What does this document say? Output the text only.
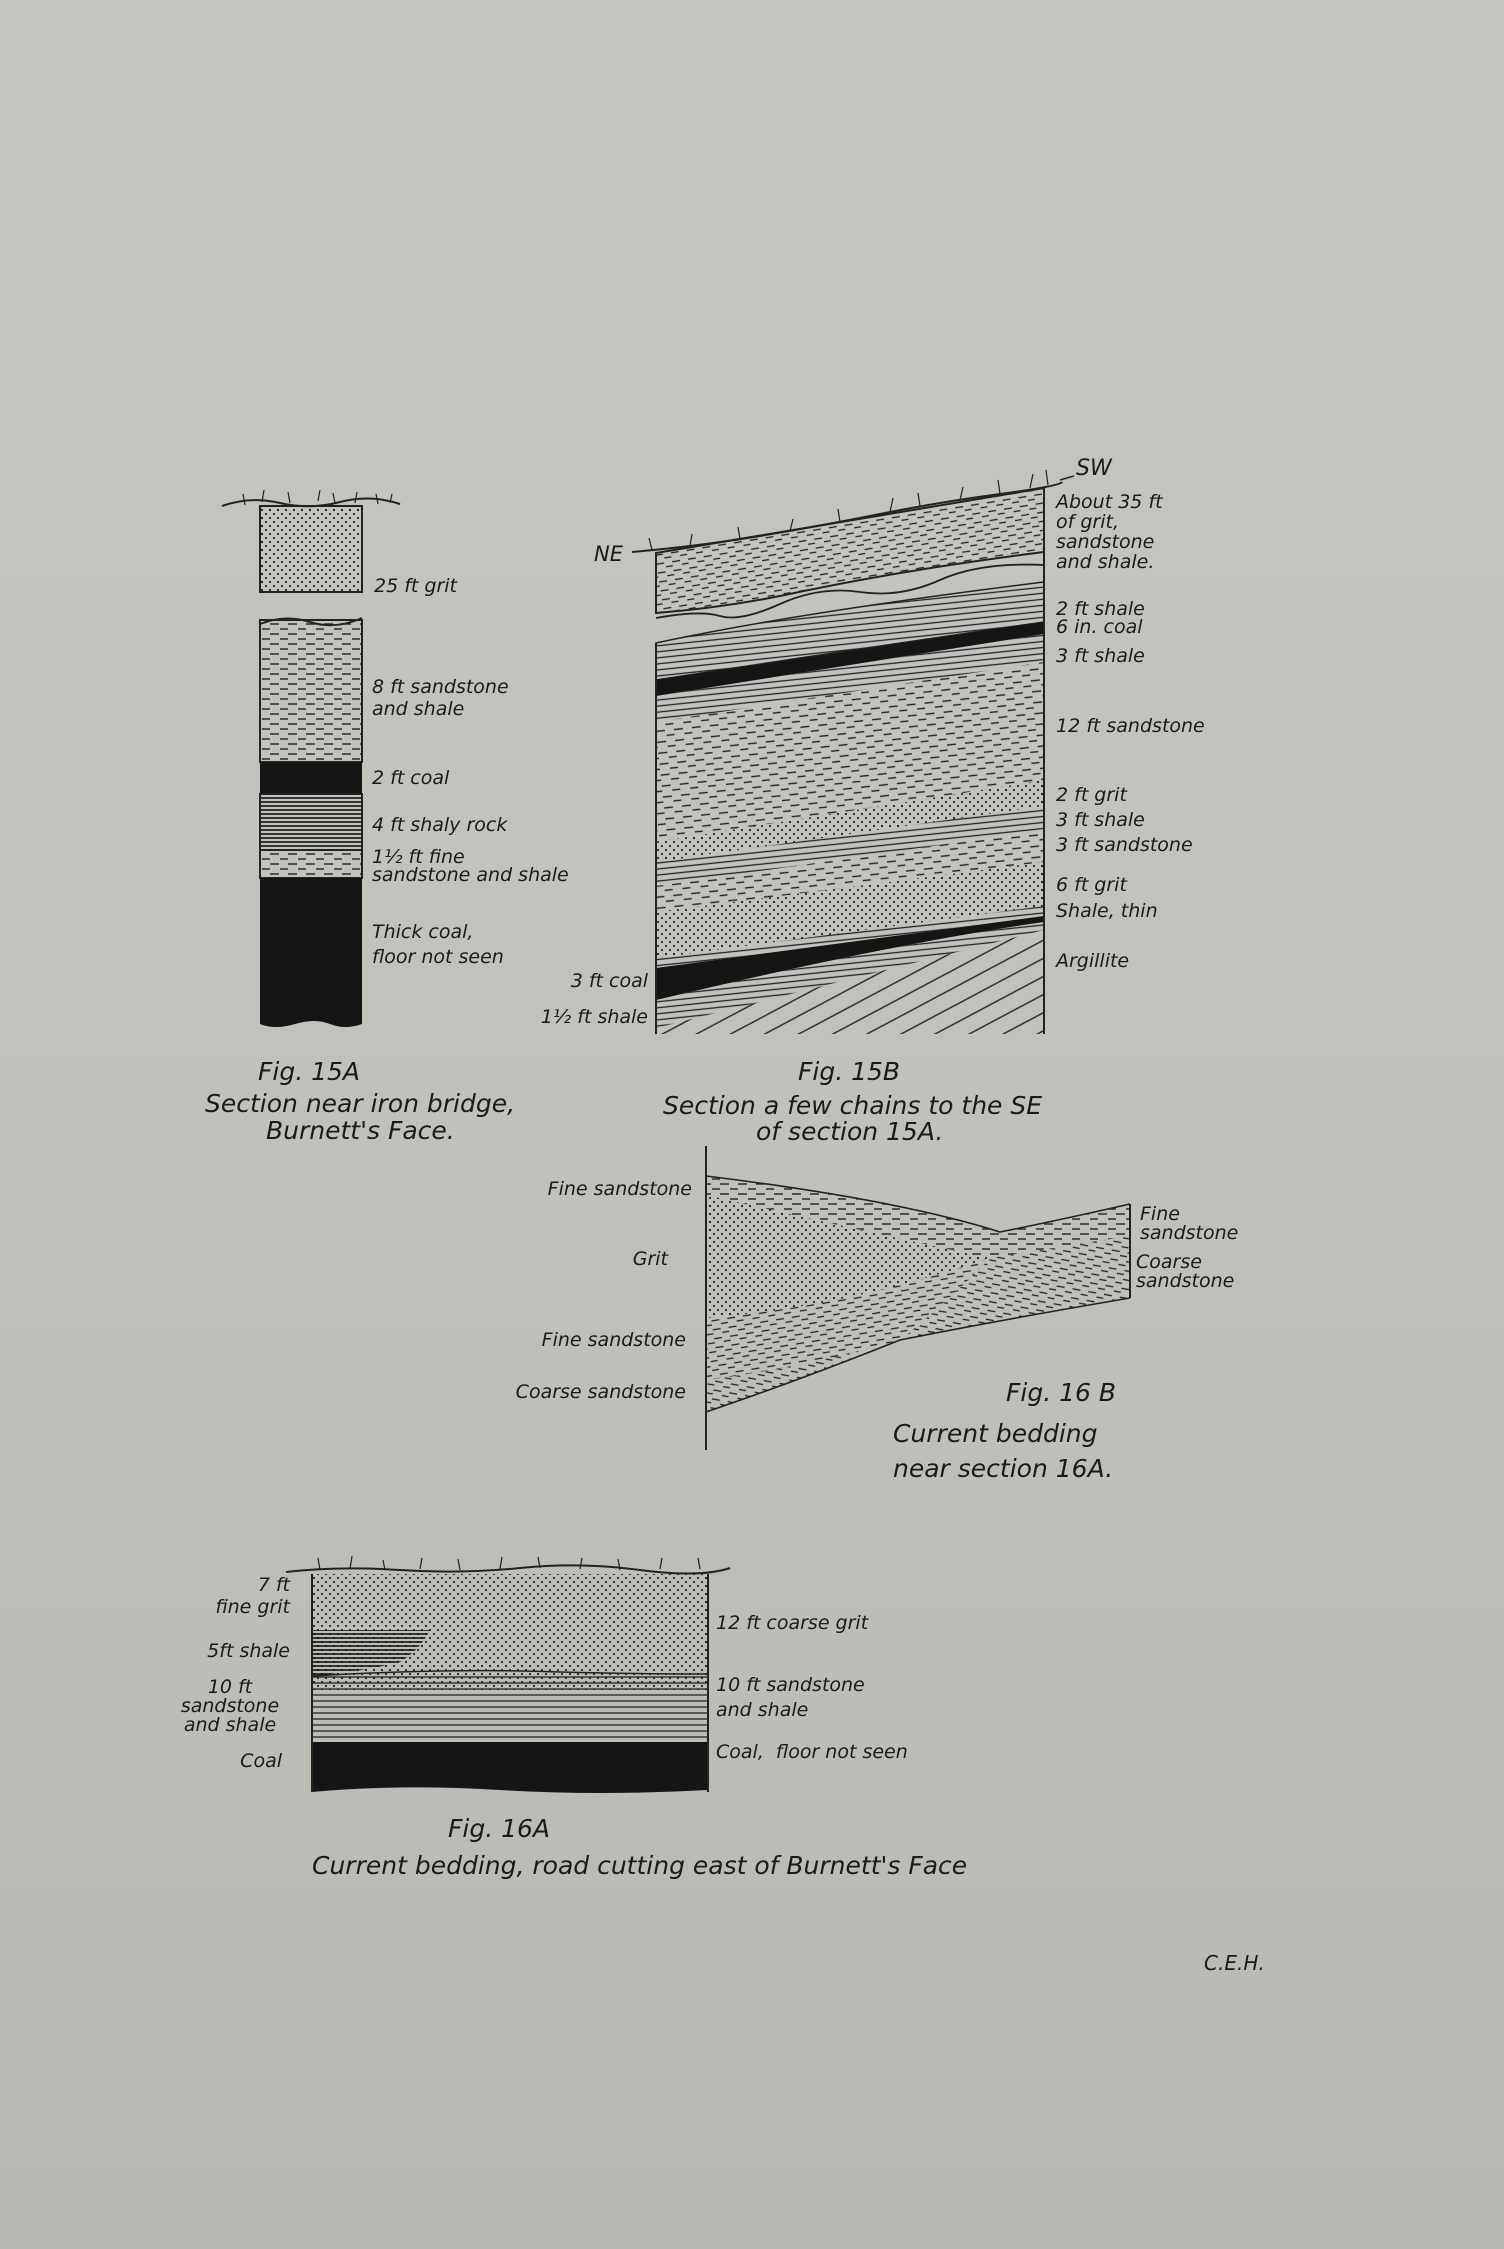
25 ft grit
8 ft sandstone
and shale
2 ft coal
4 ft shaly rock
1½ ft fine
sandstone and shale
Thick coal,
floor not seen
Fig. 15A
Section near iron bridge,
Burnett's Face.
NE
SW
About 35 ft
of grit,
sandstone
and shale.
2 ft shale
6 in. coal
3 ft shale
12 ft sandstone
2 ft grit
3 ft shale
3 ft sandstone
6 ft grit
Shale, thin
Argillite
3 ft coal
1½ ft shale
Fig. 15B
Section a few chains to the SE
of section 15A.
Fine sandstone
Grit
Fine sandstone
Coarse sandstone
Fine
sandstone
Coarse
sandstone
Fig. 16 B
Current bedding
near section 16A.
7 ft
fine grit
5ft shale
10 ft
sandstone
and shale
Coal
12 ft coarse grit
10 ft sandstone
and shale
Coal,  floor not seen
Fig. 16A
Current bedding, road cutting east of Burnett's Face
C.E.H.
